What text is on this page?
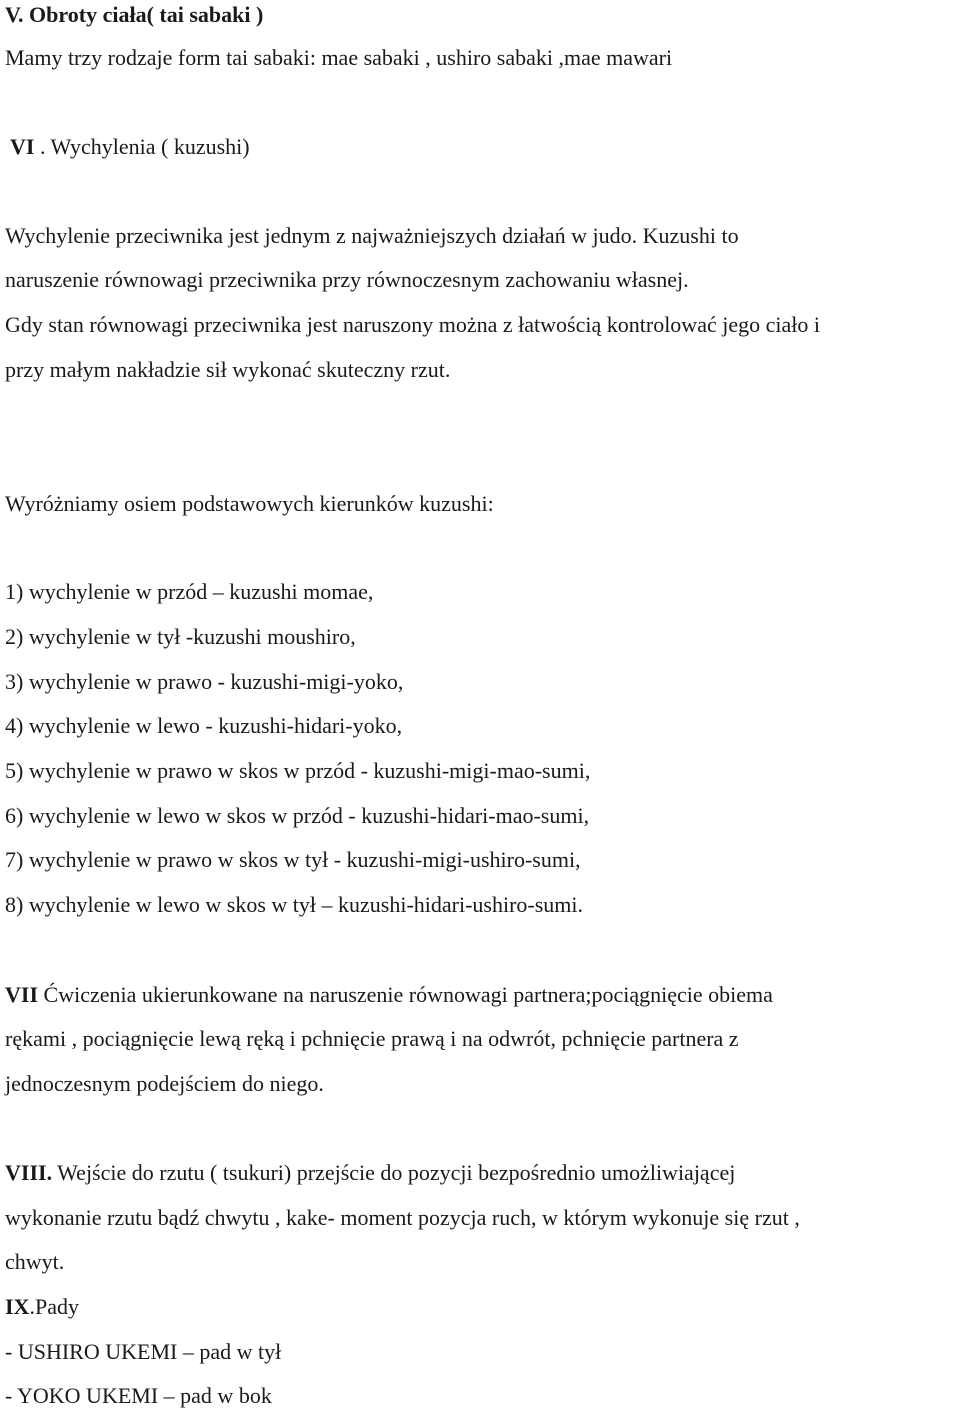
V. Obroty ciała( tai sabaki )
Mamy trzy rodzaje form tai sabaki: mae sabaki , ushiro sabaki ,mae mawari
VI . Wychylenia ( kuzushi)
Wychylenie przeciwnika jest jednym z najważniejszych działań w judo. Kuzushi to
naruszenie równowagi przeciwnika przy równoczesnym zachowaniu własnej.
Gdy stan równowagi przeciwnika jest naruszony można z łatwością kontrolować jego ciało i
przy małym nakładzie sił wykonać skuteczny rzut.
Wyróżniamy osiem podstawowych kierunków kuzushi:
1) wychylenie w przód – kuzushi momae,
2) wychylenie w tył -kuzushi moushiro,
3) wychylenie w prawo - kuzushi-migi-yoko,
4) wychylenie w lewo - kuzushi-hidari-yoko,
5) wychylenie w prawo w skos w przód - kuzushi-migi-mao-sumi,
6) wychylenie w lewo w skos w przód - kuzushi-hidari-mao-sumi,
7) wychylenie w prawo w skos w tył - kuzushi-migi-ushiro-sumi,
8) wychylenie w lewo w skos w tył – kuzushi-hidari-ushiro-sumi.
VII Ćwiczenia ukierunkowane na naruszenie równowagi partnera;pociągnięcie obiema
rękami , pociągnięcie lewą ręką i pchnięcie prawą i na odwrót, pchnięcie partnera z
jednoczesnym podejściem do niego.
VIII. Wejście do rzutu ( tsukuri) przejście do pozycji bezpośrednio umożliwiającej
wykonanie rzutu bądź chwytu , kake- moment pozycja ruch, w którym wykonuje się rzut ,
chwyt.
IX.Pady
- USHIRO UKEMI – pad w tył
- YOKO UKEMI – pad w bok
